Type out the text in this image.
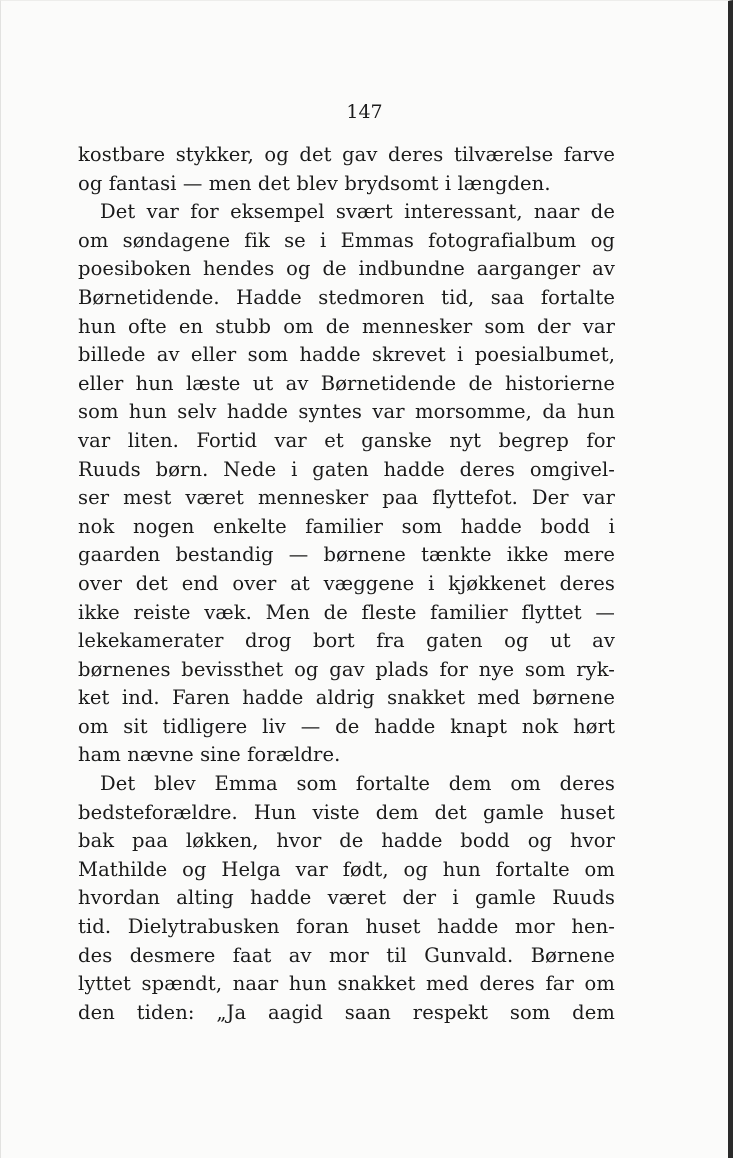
147
kostbare stykker, og det gav deres tilværelse farve
og fantasi — men det blev brydsomt i længden.
Det var for eksempel svært interessant, naar de
om søndagene fik se i Emmas fotografialbum og
poesiboken hendes og de indbundne aarganger av
Børnetidende. Hadde stedmoren tid, saa fortalte
hun ofte en stubb om de mennesker som der var
billede av eller som hadde skrevet i poesialbumet,
eller hun læste ut av Børnetidende de historierne
som hun selv hadde syntes var morsomme, da hun
var liten. Fortid var et ganske nyt begrep for
Ruuds børn. Nede i gaten hadde deres omgivel-
ser mest været mennesker paa flyttefot. Der var
nok nogen enkelte familier som hadde bodd i
gaarden bestandig — børnene tænkte ikke mere
over det end over at væggene i kjøkkenet deres
ikke reiste væk. Men de fleste familier flyttet —
lekekamerater drog bort fra gaten og ut av
børnenes bevissthet og gav plads for nye som ryk-
ket ind. Faren hadde aldrig snakket med børnene
om sit tidligere liv — de hadde knapt nok hørt
ham nævne sine forældre.
Det blev Emma som fortalte dem om deres
bedsteforældre. Hun viste dem det gamle huset
bak paa løkken, hvor de hadde bodd og hvor
Mathilde og Helga var født, og hun fortalte om
hvordan alting hadde været der i gamle Ruuds
tid. Dielytrabusken foran huset hadde mor hen-
des desmere faat av mor til Gunvald. Børnene
lyttet spændt, naar hun snakket med deres far om
den tiden: „Ja aagid saan respekt som dem
